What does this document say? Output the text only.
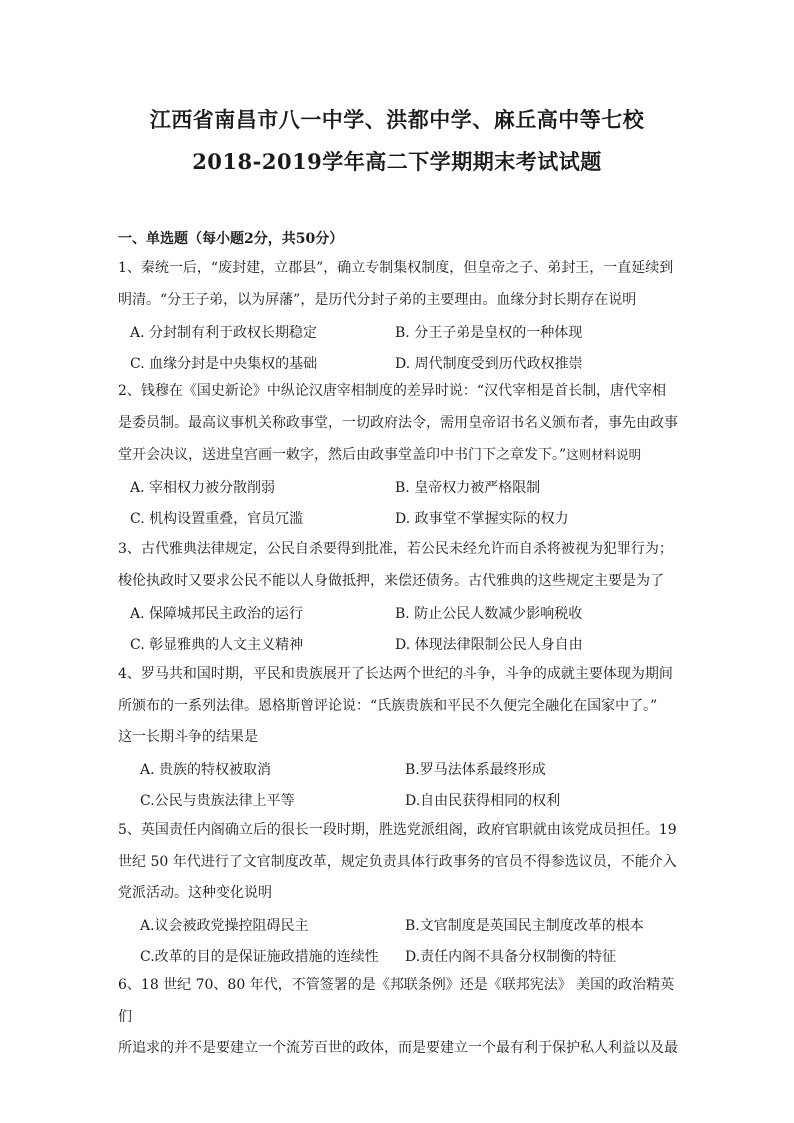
江西省南昌市八一中学、洪都中学、麻丘高中等七校
2018-2019学年高二下学期期末考试试题
一、单选题（每小题2分，共50分）
1、秦统一后，“废封建，立郡县”，确立专制集权制度，但皇帝之子、弟封王，一直延续到
明清。“分王子弟，以为屏藩”，是历代分封子弟的主要理由。血缘分封长期存在说明
A. 分封制有利于政权长期稳定	B. 分王子弟是皇权的一种体现
C. 血缘分封是中央集权的基础	D. 周代制度受到历代政权推崇
2、钱穆在《国史新论》中纵论汉唐宰相制度的差异时说：“汉代宰相是首长制，唐代宰相
是委员制。最高议事机关称政事堂，一切政府法令，需用皇帝诏书名义颁布者，事先由政事
堂开会决议，送进皇宫画一敕字，然后由政事堂盖印中书门下之章发下。”这则材料说明
A. 宰相权力被分散削弱	B. 皇帝权力被严格限制
C. 机构设置重叠，官员冗滥	D. 政事堂不掌握实际的权力
3、古代雅典法律规定，公民自杀要得到批准，若公民未经允许而自杀将被视为犯罪行为；
梭伦执政时又要求公民不能以人身做抵押，来偿还债务。古代雅典的这些规定主要是为了
A. 保障城邦民主政治的运行	B. 防止公民人数减少影响税收
C. 彰显雅典的人文主义精神	D. 体现法律限制公民人身自由
4、罗马共和国时期，平民和贵族展开了长达两个世纪的斗争，斗争的成就主要体现为期间
所颁布的一系列法律。恩格斯曾评论说：“氏族贵族和平民不久便完全融化在国家中了。”
这一长期斗争的结果是
A. 贵族的特权被取消	B.罗马法体系最终形成
C.公民与贵族法律上平等	D.自由民获得相同的权利
5、英国责任内阁确立后的很长一段时期，胜选党派组阁，政府官职就由该党成员担任。19
世纪 50 年代进行了文官制度改革，规定负责具体行政事务的官员不得参选议员，不能介入
党派活动。这种变化说明
A.议会被政党操控阻碍民主	B.文官制度是英国民主制度改革的根本
C.改革的目的是保证施政措施的连续性	D.责任内阁不具备分权制衡的特征
6、18 世纪 70、80 年代，不管签署的是《邦联条例》还是《联邦宪法》 美国的政治精英们
所追求的并不是要建立一个流芳百世的政体，而是要建立一个最有利于保护私人利益以及最
